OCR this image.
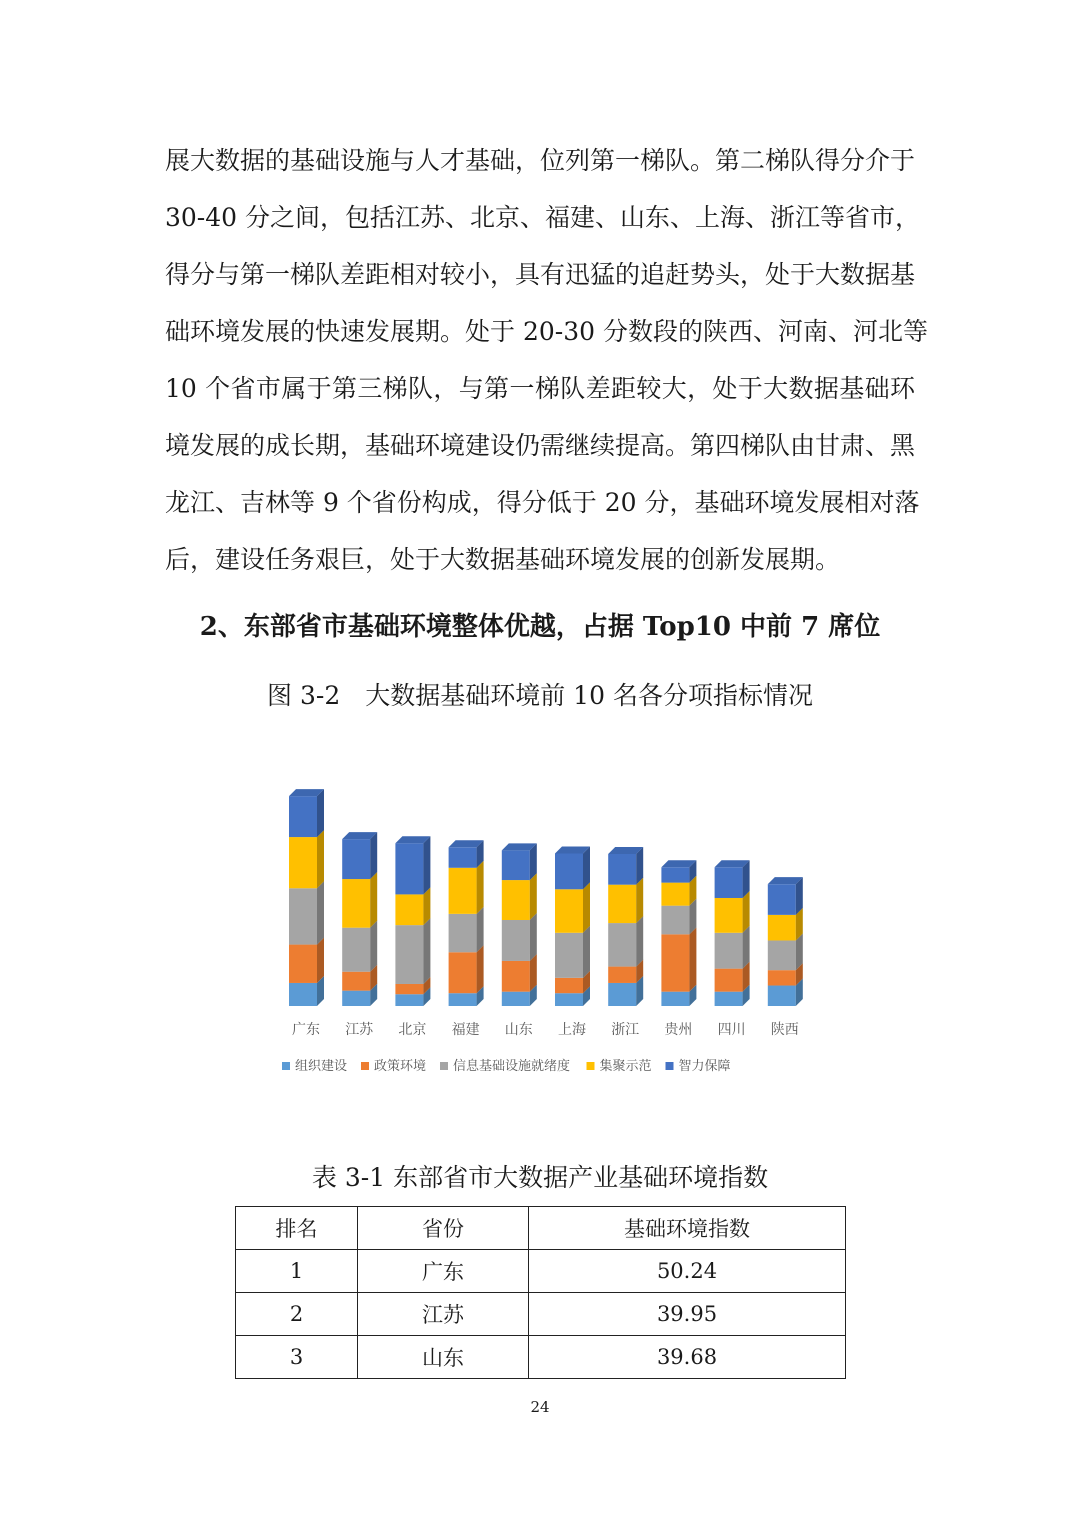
展大数据的基础设施与人才基础，位列第一梯队。第二梯队得分介于
30-40 分之间，包括江苏、北京、福建、山东、上海、浙江等省市，
得分与第一梯队差距相对较小，具有迅猛的追赶势头，处于大数据基
础环境发展的快速发展期。处于 20-30 分数段的陕西、河南、河北等
10 个省市属于第三梯队，与第一梯队差距较大，处于大数据基础环
境发展的成长期，基础环境建设仍需继续提高。第四梯队由甘肃、黑
龙江、吉林等 9 个省份构成，得分低于 20 分，基础环境发展相对落
后，建设任务艰巨，处于大数据基础环境发展的创新发展期。
2、东部省市基础环境整体优越，占据 Top10 中前 7 席位
图 3-2　大数据基础环境前 10 名各分项指标情况
广东 江苏 北京 福建 山东 上海 浙江 贵州 四川 陕西
组织建设 政策环境 信息基础设施就绪度 集聚示范 智力保障
表 3-1 东部省市大数据产业基础环境指数
排名	省份	基础环境指数
1	广东	50.24
2	江苏	39.95
3	山东	39.68
24
